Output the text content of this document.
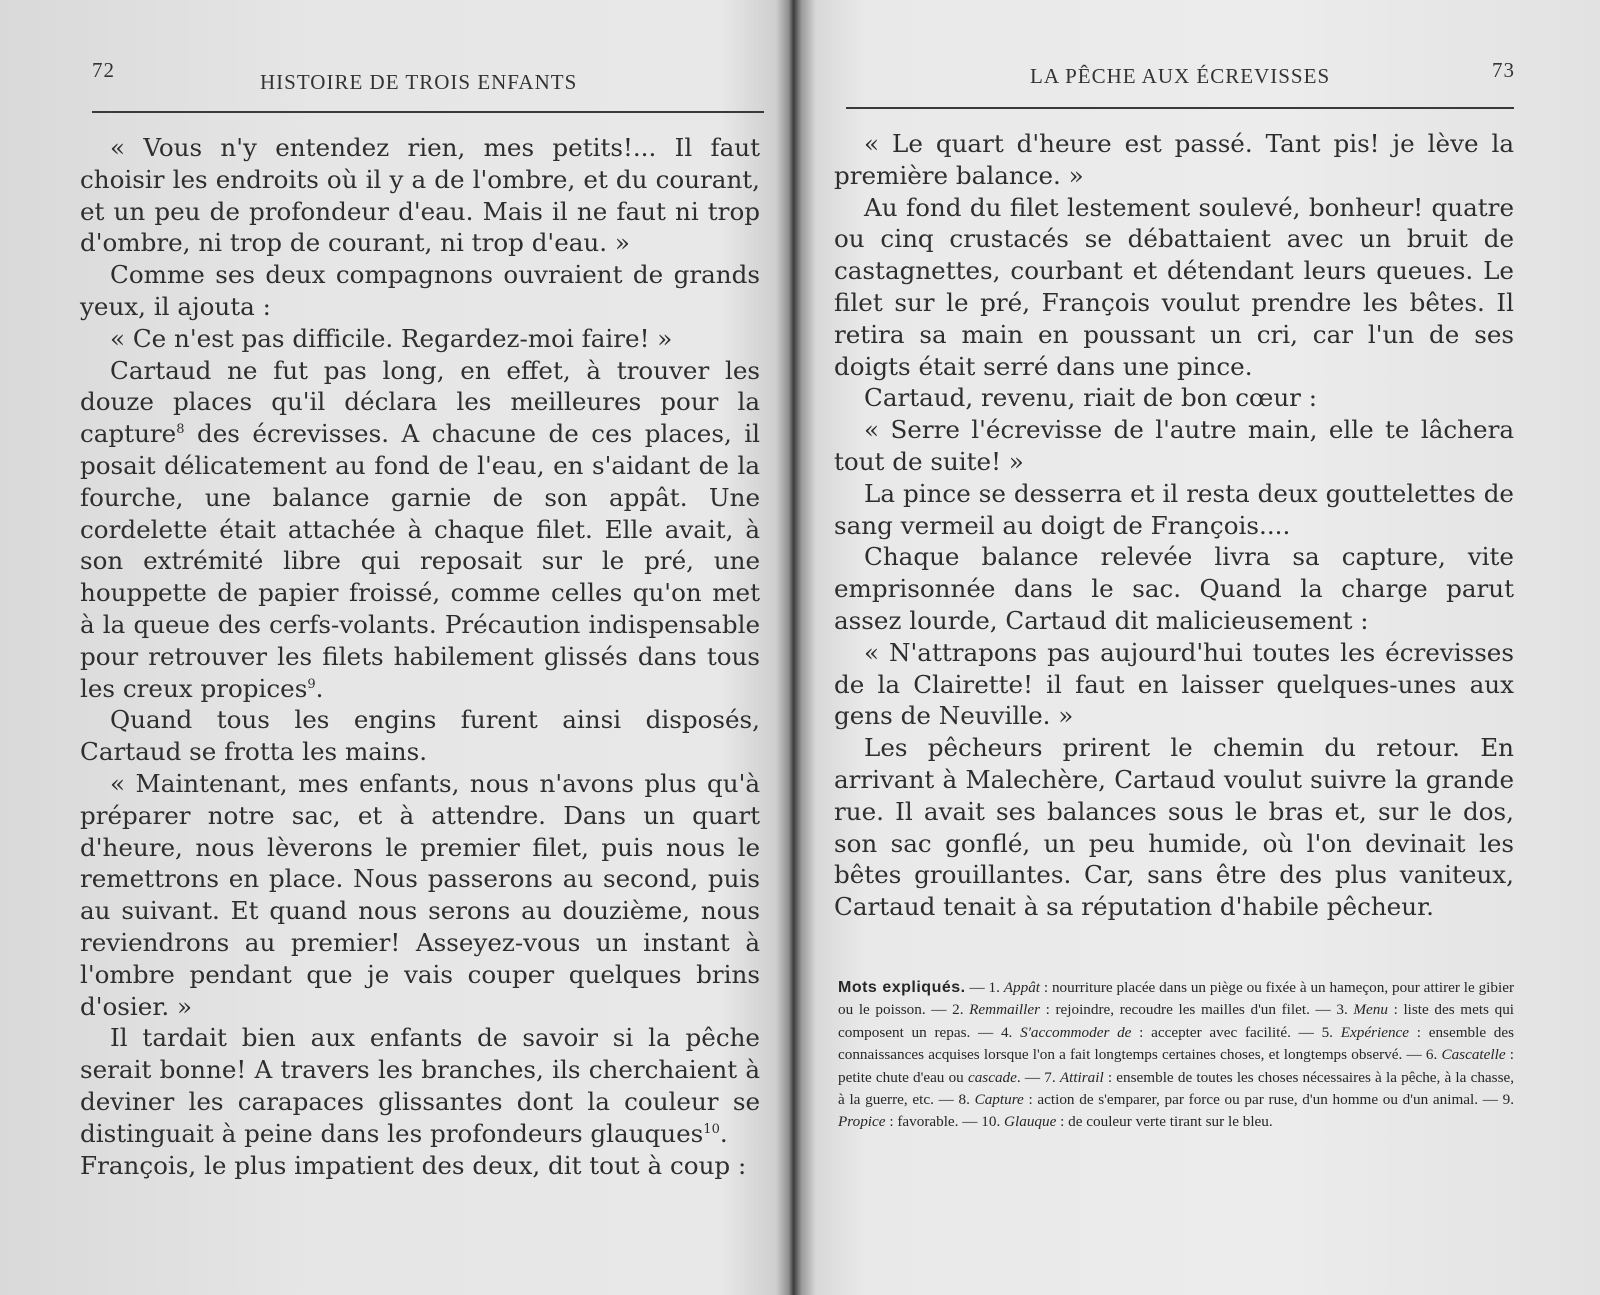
72	HISTOIRE DE TROIS ENFANTS

« Vous n'y entendez rien, mes petits!... Il faut choisir les endroits où il y a de l'ombre, et du courant, et un peu de profondeur d'eau. Mais il ne faut ni trop d'ombre, ni trop de courant, ni trop d'eau. »

Comme ses deux compagnons ouvraient de grands yeux, il ajouta :

« Ce n'est pas difficile. Regardez-moi faire! »

Cartaud ne fut pas long, en effet, à trouver les douze places qu'il déclara les meilleures pour la capture$^8$ des écrevisses. A chacune de ces places, il posait délicatement au fond de l'eau, en s'aidant de la fourche, une balance garnie de son appât. Une cordelette était attachée à chaque filet. Elle avait, à son extrémité libre qui reposait sur le pré, une houppette de papier froissé, comme celles qu'on met à la queue des cerfs-volants. Précaution indispensable pour retrouver les filets habilement glissés dans tous les creux propices$^9$.

Quand tous les engins furent ainsi disposés, Cartaud se frotta les mains.

« Maintenant, mes enfants, nous n'avons plus qu'à préparer notre sac, et à attendre. Dans un quart d'heure, nous lèverons le premier filet, puis nous le remettrons en place. Nous passerons au second, puis au suivant. Et quand nous serons au douzième, nous reviendrons au premier! Asseyez-vous un instant à l'ombre pendant que je vais couper quelques brins d'osier. »

Il tardait bien aux enfants de savoir si la pêche serait bonne! A travers les branches, ils cherchaient à deviner les carapaces glissantes dont la couleur se distinguait à peine dans les profondeurs glauques$^{10}$.

François, le plus impatient des deux, dit tout à coup :

LA PÊCHE AUX ÉCREVISSES	73

« Le quart d'heure est passé. Tant pis! je lève la première balance. »

Au fond du filet lestement soulevé, bonheur! quatre ou cinq crustacés se débattaient avec un bruit de castagnettes, courbant et détendant leurs queues. Le filet sur le pré, François voulut prendre les bêtes. Il retira sa main en poussant un cri, car l'un de ses doigts était serré dans une pince.

Cartaud, revenu, riait de bon cœur :

« Serre l'écrevisse de l'autre main, elle te lâchera tout de suite! »

La pince se desserra et il resta deux gouttelettes de sang vermeil au doigt de François....

Chaque balance relevée livra sa capture, vite emprisonnée dans le sac. Quand la charge parut assez lourde, Cartaud dit malicieusement :

« N'attrapons pas aujourd'hui toutes les écrevisses de la Clairette! il faut en laisser quelques-unes aux gens de Neuville. »

Les pêcheurs prirent le chemin du retour. En arrivant à Malechère, Cartaud voulut suivre la grande rue. Il avait ses balances sous le bras et, sur le dos, son sac gonflé, un peu humide, où l'on devinait les bêtes grouillantes. Car, sans être des plus vaniteux, Cartaud tenait à sa réputation d'habile pêcheur.

Mots expliqués. — 1. Appât : nourriture placée dans un piège ou fixée à un hameçon, pour attirer le gibier ou le poisson. — 2. Remmailler : rejoindre, recoudre les mailles d'un filet. — 3. Menu : liste des mets qui composent un repas. — 4. S'accommoder de : accepter avec facilité. — 5. Expérience : ensemble des connaissances acquises lorsque l'on a fait longtemps certaines choses, et longtemps observé. — 6. Cascatelle : petite chute d'eau ou cascade. — 7. Attirail : ensemble de toutes les choses nécessaires à la pêche, à la chasse, à la guerre, etc. — 8. Capture : action de s'emparer, par force ou par ruse, d'un homme ou d'un animal. — 9. Propice : favorable. — 10. Glauque : de couleur verte tirant sur le bleu.
